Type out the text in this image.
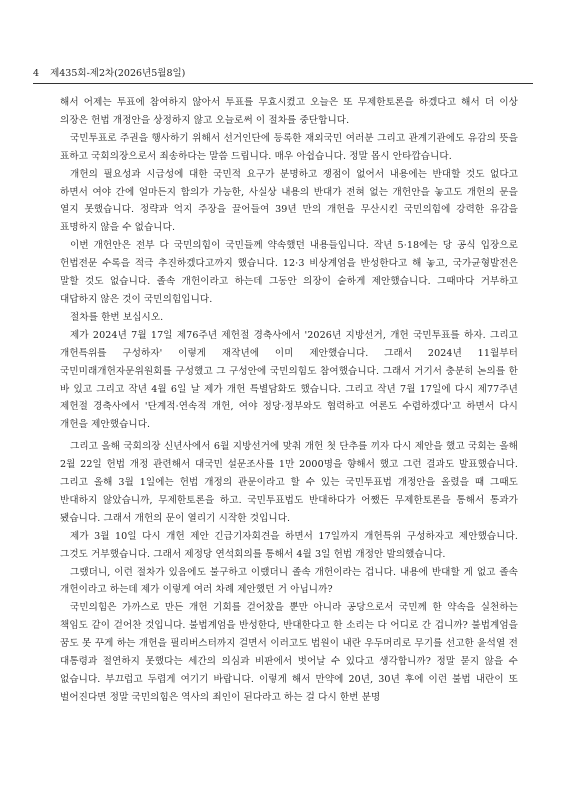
4 제435회-제2차(2026년5월8일)

해서 어제는 투표에 참여하지 않아서 투표를 무효시켰고 오늘은 또 무제한토론을 하겠다고 해서 더 이상 의장은 헌법 개정안을 상정하지 않고 오늘로써 이 절차를 중단합니다.

국민투표로 주권을 행사하기 위해서 선거인단에 등록한 재외국민 여러분 그리고 관계기관에도 유감의 뜻을 표하고 국회의장으로서 죄송하다는 말씀 드립니다. 매우 아쉽습니다. 정말 몹시 안타깝습니다.

개헌의 필요성과 시급성에 대한 국민적 요구가 분명하고 쟁점이 없어서 내용에는 반대할 것도 없다고 하면서 여야 간에 얼마든지 합의가 가능한, 사실상 내용의 반대가 전혀 없는 개헌안을 놓고도 개헌의 문을 열지 못했습니다. 정략과 억지 주장을 끌어들여 39년 만의 개헌을 무산시킨 국민의힘에 강력한 유감을 표명하지 않을 수 없습니다.

이번 개헌안은 전부 다 국민의힘이 국민들께 약속했던 내용들입니다. 작년 5·18에는 당 공식 입장으로 헌법전문 수록을 적극 추진하겠다고까지 했습니다. 12·3 비상계엄을 반성한다고 해 놓고, 국가균형발전은 말할 것도 없습니다. 졸속 개헌이라고 하는데 그동안 의장이 숱하게 제안했습니다. 그때마다 거부하고 대답하지 않은 것이 국민의힘입니다.

절차를 한번 보십시오.

제가 2024년 7월 17일 제76주년 제헌절 경축사에서 '2026년 지방선거, 개헌 국민투표를 하자. 그리고 개헌특위를 구성하자' 이렇게 재작년에 이미 제안했습니다. 그래서 2024년 11월부터 국민미래개헌자문위원회를 구성했고 그 구성안에 국민의힘도 참여했습니다. 그래서 거기서 충분히 논의를 한 바 있고 그리고 작년 4월 6일 날 제가 개헌 특별담화도 했습니다. 그리고 작년 7월 17일에 다시 제77주년 제헌절 경축사에서 '단계적·연속적 개헌, 여야 정당·정부와도 협력하고 여론도 수렴하겠다'고 하면서 다시 개헌을 제안했습니다.

그리고 올해 국회의장 신년사에서 6월 지방선거에 맞춰 개헌 첫 단추를 끼자 다시 제안을 했고 국회는 올해 2월 22일 헌법 개정 관련해서 대국민 설문조사를 1만 2000명을 향해서 했고 그런 결과도 발표했습니다. 그리고 올해 3월 1일에는 헌법 개정의 관문이라고 할 수 있는 국민투표법 개정안을 올렸을 때 그때도 반대하지 않았습니까, 무제한토론을 하고. 국민투표법도 반대하다가 어쨌든 무제한토론을 통해서 통과가 됐습니다. 그래서 개헌의 문이 열리기 시작한 것입니다.

제가 3월 10일 다시 개헌 제안 긴급기자회견을 하면서 17일까지 개헌특위 구성하자고 제안했습니다. 그것도 거부했습니다. 그래서 제정당 연석회의를 통해서 4월 3일 헌법 개정안 발의했습니다.

그랬더니, 이런 절차가 있음에도 불구하고 이랬더니 졸속 개헌이라는 겁니다. 내용에 반대할 게 없고 졸속 개헌이라고 하는데 제가 이렇게 여러 차례 제안했던 거 아닙니까?

국민의힘은 가까스로 만든 개헌 기회를 걷어찼을 뿐만 아니라 공당으로서 국민께 한 약속을 실천하는 책임도 같이 걷어찬 것입니다. 불법계엄을 반성한다, 반대한다고 한 소리는 다 어디로 간 겁니까? 불법계엄을 꿈도 못 꾸게 하는 개헌을 필리버스터까지 걸면서 이러고도 법원이 내란 우두머리로 무기를 선고한 윤석열 전 대통령과 절연하지 못했다는 세간의 의심과 비판에서 벗어날 수 있다고 생각합니까? 정말 묻지 않을 수 없습니다. 부끄럽고 두렵게 여기기 바랍니다. 이렇게 해서 만약에 20년, 30년 후에 이런 불법 내란이 또 벌어진다면 정말 국민의힘은 역사의 죄인이 된다라고 하는 걸 다시 한번 분명
